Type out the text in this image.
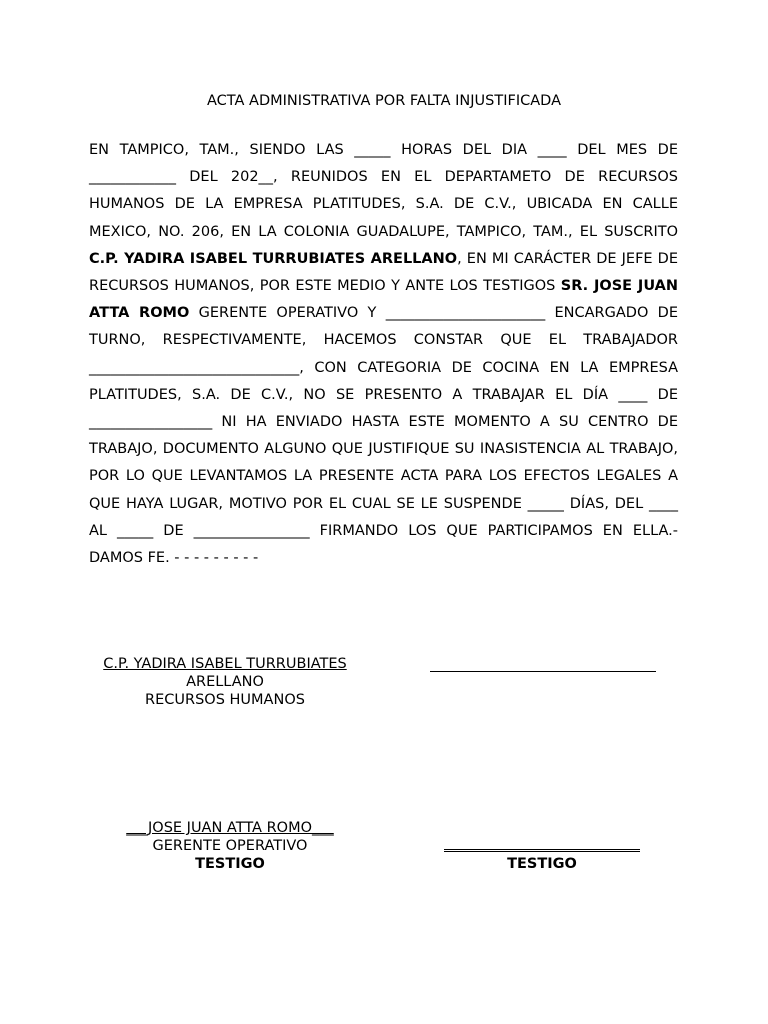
ACTA ADMINISTRATIVA POR FALTA INJUSTIFICADA
EN TAMPICO, TAM., SIENDO LAS _____ HORAS DEL DIA ____ DEL MES DE ____________ DEL 202__, REUNIDOS EN EL DEPARTAMETO DE RECURSOS HUMANOS DE LA EMPRESA PLATITUDES, S.A. DE C.V., UBICADA EN CALLE MEXICO, NO. 206, EN LA COLONIA GUADALUPE, TAMPICO, TAM., EL SUSCRITO C.P. YADIRA ISABEL TURRUBIATES ARELLANO, EN MI CARÁCTER DE JEFE DE RECURSOS HUMANOS, POR ESTE MEDIO Y ANTE LOS TESTIGOS SR. JOSE JUAN ATTA ROMO GERENTE OPERATIVO Y ______________________ ENCARGADO DE TURNO, RESPECTIVAMENTE, HACEMOS CONSTAR QUE EL TRABAJADOR _____________________________, CON CATEGORIA DE COCINA EN LA EMPRESA PLATITUDES, S.A. DE C.V., NO SE PRESENTO A TRABAJAR EL DÍA ____ DE _________________ NI HA ENVIADO HASTA ESTE MOMENTO A SU CENTRO DE TRABAJO, DOCUMENTO ALGUNO QUE JUSTIFIQUE SU INASISTENCIA AL TRABAJO, POR LO QUE LEVANTAMOS LA PRESENTE ACTA PARA LOS EFECTOS LEGALES A QUE HAYA LUGAR, MOTIVO POR EL CUAL SE LE SUSPENDE _____ DÍAS, DEL ____ AL _____ DE ________________ FIRMANDO LOS QUE PARTICIPAMOS EN ELLA.- DAMOS FE. - - - - - - - - -
C.P. YADIRA ISABEL TURRUBIATES
ARELLANO
RECURSOS HUMANOS
___JOSE JUAN ATTA ROMO___
GERENTE OPERATIVO
TESTIGO	TESTIGO
